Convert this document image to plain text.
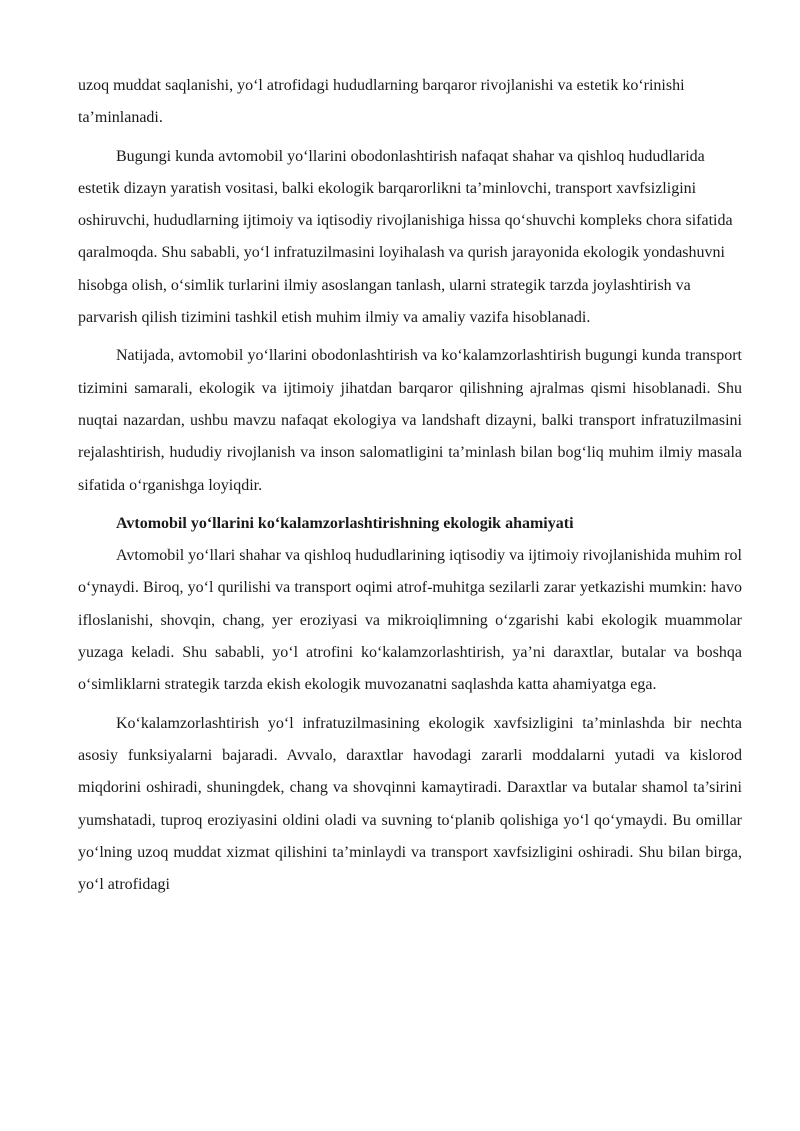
uzoq muddat saqlanishi, yo‘l atrofidagi hududlarning barqaror rivojlanishi va estetik ko‘rinishi ta’minlanadi.

Bugungi kunda avtomobil yo‘llarini obodonlashtirish nafaqat shahar va qishloq hududlarida estetik dizayn yaratish vositasi, balki ekologik barqarorlikni ta’minlovchi, transport xavfsizligini oshiruvchi, hududlarning ijtimoiy va iqtisodiy rivojlanishiga hissa qo‘shuvchi kompleks chora sifatida qaralmoqda. Shu sababli, yo‘l infratuzilmasini loyihalash va qurish jarayonida ekologik yondashuvni hisobga olish, o‘simlik turlarini ilmiy asoslangan tanlash, ularni strategik tarzda joylashtirish va parvarish qilish tizimini tashkil etish muhim ilmiy va amaliy vazifa hisoblanadi.

Natijada, avtomobil yo‘llarini obodonlashtirish va ko‘kalamzorlashtirish bugungi kunda transport tizimini samarali, ekologik va ijtimoiy jihatdan barqaror qilishning ajralmas qismi hisoblanadi. Shu nuqtai nazardan, ushbu mavzu nafaqat ekologiya va landshaft dizayni, balki transport infratuzilmasini rejalashtirish, hududiy rivojlanish va inson salomatligini ta’minlash bilan bog‘liq muhim ilmiy masala sifatida o‘rganishga loyiqdir.

Avtomobil yo‘llarini ko‘kalamzorlashtirishning ekologik ahamiyati

Avtomobil yo‘llari shahar va qishloq hududlarining iqtisodiy va ijtimoiy rivojlanishida muhim rol o‘ynaydi. Biroq, yo‘l qurilishi va transport oqimi atrof-muhitga sezilarli zarar yetkazishi mumkin: havo ifloslanishi, shovqin, chang, yer eroziyasi va mikroiqlimning o‘zgarishi kabi ekologik muammolar yuzaga keladi. Shu sababli, yo‘l atrofini ko‘kalamzorlashtirish, ya’ni daraxtlar, butalar va boshqa o‘simliklarni strategik tarzda ekish ekologik muvozanatni saqlashda katta ahamiyatga ega.

Ko‘kalamzorlashtirish yo‘l infratuzilmasining ekologik xavfsizligini ta’minlashda bir nechta asosiy funksiyalarni bajaradi. Avvalo, daraxtlar havodagi zararli moddalarni yutadi va kislorod miqdorini oshiradi, shuningdek, chang va shovqinni kamaytiradi. Daraxtlar va butalar shamol ta’sirini yumshatadi, tuproq eroziyasini oldini oladi va suvning to‘planib qolishiga yo‘l qo‘ymaydi. Bu omillar yo‘lning uzoq muddat xizmat qilishini ta’minlaydi va transport xavfsizligini oshiradi. Shu bilan birga, yo‘l atrofidagi
